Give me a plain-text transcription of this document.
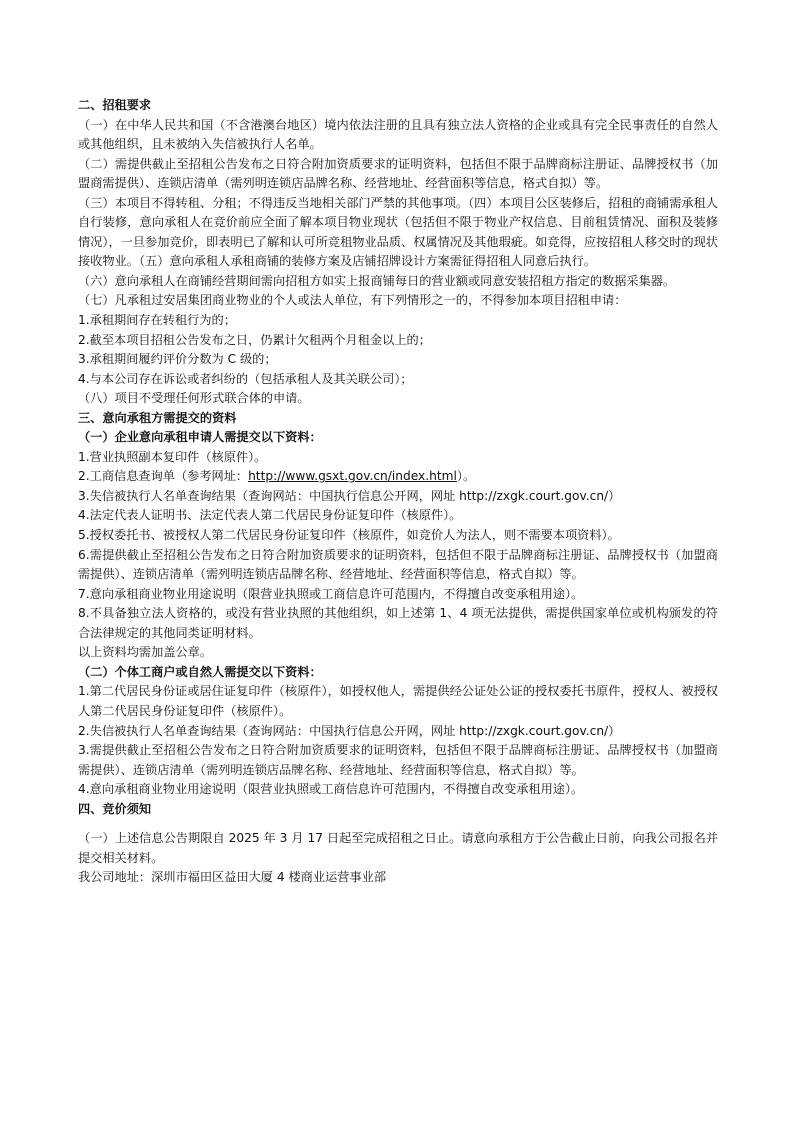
二、招租要求

（一）在中华人民共和国（不含港澳台地区）境内依法注册的且具有独立法人资格的企业或具有完全民事责任的自然人或其他组织，且未被纳入失信被执行人名单。

（二）需提供截止至招租公告发布之日符合附加资质要求的证明资料，包括但不限于品牌商标注册证、品牌授权书（加盟商需提供）、连锁店清单（需列明连锁店品牌名称、经营地址、经营面积等信息，格式自拟）等。

（三）本项目不得转租、分租；不得违反当地相关部门严禁的其他事项。（四）本项目公区装修后，招租的商铺需承租人自行装修，意向承租人在竞价前应全面了解本项目物业现状（包括但不限于物业产权信息、目前租赁情况、面积及装修情况），一旦参加竞价，即表明已了解和认可所竞租物业品质、权属情况及其他瑕疵。如竞得，应按招租人移交时的现状接收物业。（五）意向承租人承租商铺的装修方案及店铺招牌设计方案需征得招租人同意后执行。

（六）意向承租人在商铺经营期间需向招租方如实上报商铺每日的营业额或同意安装招租方指定的数据采集器。

（七）凡承租过安居集团商业物业的个人或法人单位，有下列情形之一的，不得参加本项目招租申请：

1.承租期间存在转租行为的；

2.截至本项目招租公告发布之日，仍累计欠租两个月租金以上的；

3.承租期间履约评价分数为 C 级的；

4.与本公司存在诉讼或者纠纷的（包括承租人及其关联公司）；

（八）项目不受理任何形式联合体的申请。

三、意向承租方需提交的资料

（一）企业意向承租申请人需提交以下资料：

1.营业执照副本复印件（核原件）。

2.工商信息查询单（参考网址：http://www.gsxt.gov.cn/index.html）。

3.失信被执行人名单查询结果（查询网站：中国执行信息公开网，网址 http://zxgk.court.gov.cn/）

4.法定代表人证明书、法定代表人第二代居民身份证复印件（核原件）。

5.授权委托书、被授权人第二代居民身份证复印件（核原件，如竞价人为法人，则不需要本项资料）。

6.需提供截止至招租公告发布之日符合附加资质要求的证明资料，包括但不限于品牌商标注册证、品牌授权书（加盟商需提供）、连锁店清单（需列明连锁店品牌名称、经营地址、经营面积等信息，格式自拟）等。

7.意向承租商业物业用途说明（限营业执照或工商信息许可范围内，不得擅自改变承租用途）。

8.不具备独立法人资格的，或没有营业执照的其他组织，如上述第 1、4 项无法提供，需提供国家单位或机构颁发的符合法律规定的其他同类证明材料。

以上资料均需加盖公章。

（二）个体工商户或自然人需提交以下资料：

1.第二代居民身份证或居住证复印件（核原件），如授权他人，需提供经公证处公证的授权委托书原件，授权人、被授权人第二代居民身份证复印件（核原件）。

2.失信被执行人名单查询结果（查询网站：中国执行信息公开网，网址 http://zxgk.court.gov.cn/）

3.需提供截止至招租公告发布之日符合附加资质要求的证明资料，包括但不限于品牌商标注册证、品牌授权书（加盟商需提供）、连锁店清单（需列明连锁店品牌名称、经营地址、经营面积等信息，格式自拟）等。

4.意向承租商业物业用途说明（限营业执照或工商信息许可范围内，不得擅自改变承租用途）。

四、竞价须知

（一）上述信息公告期限自 2025 年 3 月 17 日起至完成招租之日止。请意向承租方于公告截止日前，向我公司报名并提交相关材料。

我公司地址：深圳市福田区益田大厦 4 楼商业运营事业部
